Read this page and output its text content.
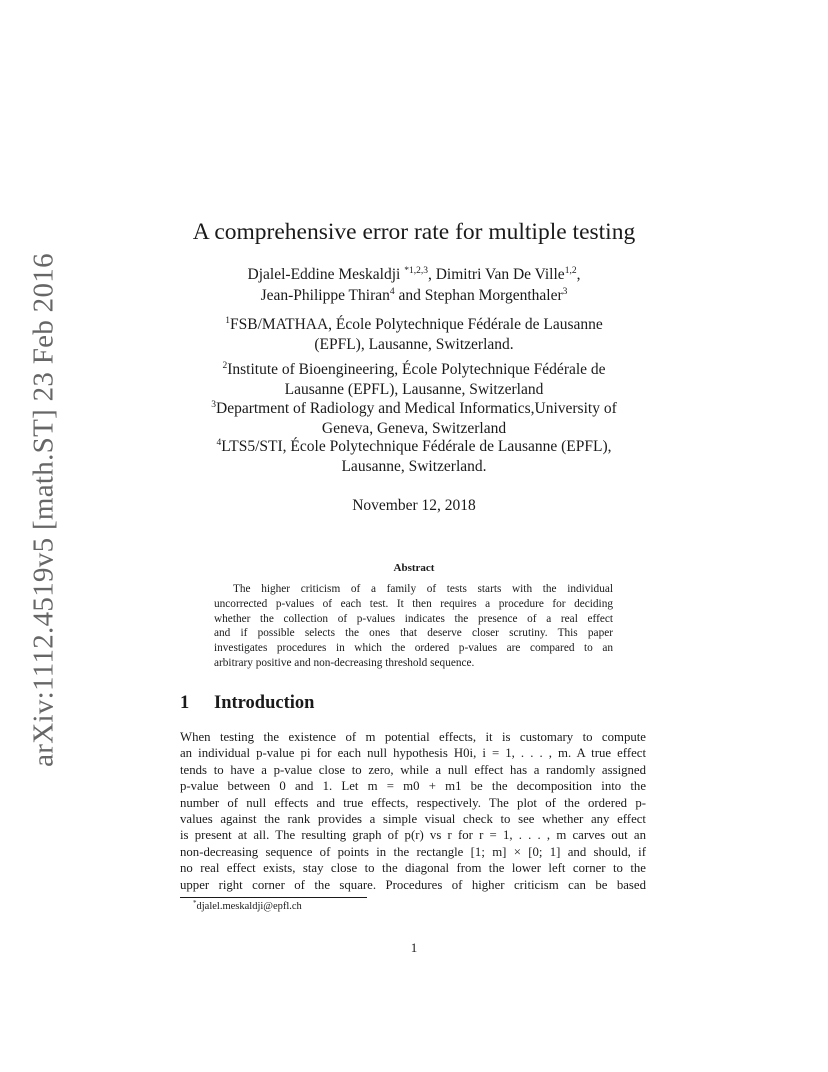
arXiv:1112.4519v5 [math.ST] 23 Feb 2016
A comprehensive error rate for multiple testing
Djalel-Eddine Meskaldji $^{*1,2,3}$, Dimitri Van De Ville$^{1,2}$,
Jean-Philippe Thiran$^4$ and Stephan Morgenthaler$^3$
$^1$FSB/MATHAA, École Polytechnique Fédérale de Lausanne
(EPFL), Lausanne, Switzerland.
$^2$Institute of Bioengineering, École Polytechnique Fédérale de
Lausanne (EPFL), Lausanne, Switzerland
$^3$Department of Radiology and Medical Informatics,University of
Geneva, Geneva, Switzerland
$^4$LTS5/STI, École Polytechnique Fédérale de Lausanne (EPFL),
Lausanne, Switzerland.
November 12, 2018
Abstract
The higher criticism of a family of tests starts with the individual
uncorrected p-values of each test. It then requires a procedure for deciding
whether the collection of p-values indicates the presence of a real effect
and if possible selects the ones that deserve closer scrutiny. This paper
investigates procedures in which the ordered p-values are compared to an
arbitrary positive and non-decreasing threshold sequence.
1 Introduction
When testing the existence of m potential effects, it is customary to compute
an individual p-value pi for each null hypothesis H0i, i = 1, . . . , m. A true effect
tends to have a p-value close to zero, while a null effect has a randomly assigned
p-value between 0 and 1. Let m = m0 + m1 be the decomposition into the
number of null effects and true effects, respectively. The plot of the ordered p-
values against the rank provides a simple visual check to see whether any effect
is present at all. The resulting graph of p(r) vs r for r = 1, . . . , m carves out an
non-decreasing sequence of points in the rectangle [1; m] × [0; 1] and should, if
no real effect exists, stay close to the diagonal from the lower left corner to the
upper right corner of the square. Procedures of higher criticism can be based
*djalel.meskaldji@epfl.ch
1
